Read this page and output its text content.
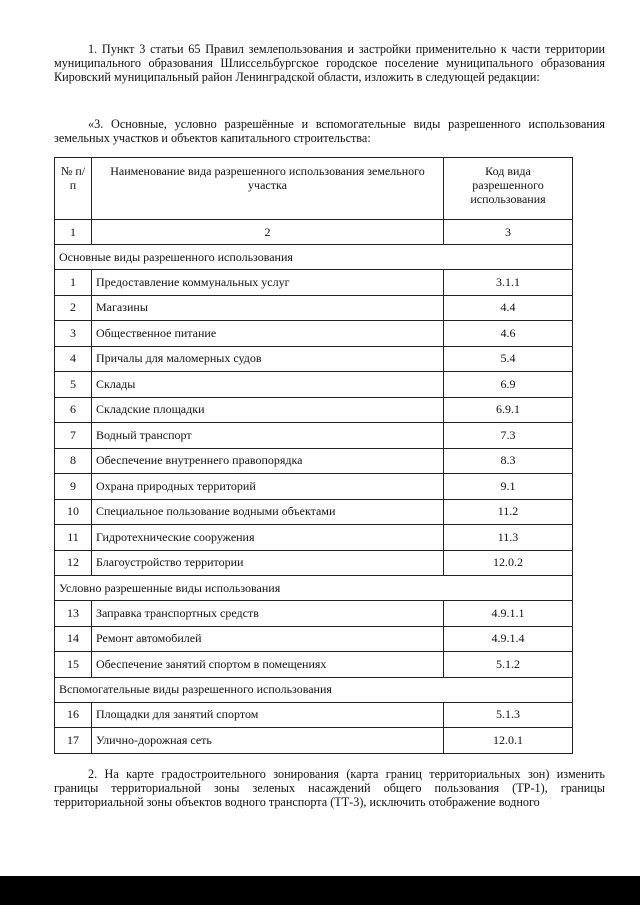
1. Пункт 3 статьи 65 Правил землепользования и застройки применительно к части территории муниципального образования Шлиссельбургское городское поселение муниципального образования Кировский муниципальный район Ленинградской области, изложить в следующей редакции:

«3. Основные, условно разрешённые и вспомогательные виды разрешенного использования земельных участков и объектов капитального строительства:

№ п/п	Наименование вида разрешенного использования земельного участка	Код вида разрешенного использования
1	2	3
Основные виды разрешенного использования		
1	Предоставление коммунальных услуг	3.1.1
2	Магазины	4.4
3	Общественное питание	4.6
4	Причалы для маломерных судов	5.4
5	Склады	6.9
6	Складские площадки	6.9.1
7	Водный транспорт	7.3
8	Обеспечение внутреннего правопорядка	8.3
9	Охрана природных территорий	9.1
10	Специальное пользование водными объектами	11.2
11	Гидротехнические сооружения	11.3
12	Благоустройство территории	12.0.2
Условно разрешенные виды использования		
13	Заправка транспортных средств	4.9.1.1
14	Ремонт автомобилей	4.9.1.4
15	Обеспечение занятий спортом в помещениях	5.1.2
Вспомогательные виды разрешенного использования		
16	Площадки для занятий спортом	5.1.3
17	Улично-дорожная сеть	12.0.1

2. На карте градостроительного зонирования (карта границ территориальных зон) изменить границы территориальной зоны зеленых насаждений общего пользования (ТР-1), границы территориальной зоны объектов водного транспорта (ТТ-3), исключить отображение водного
